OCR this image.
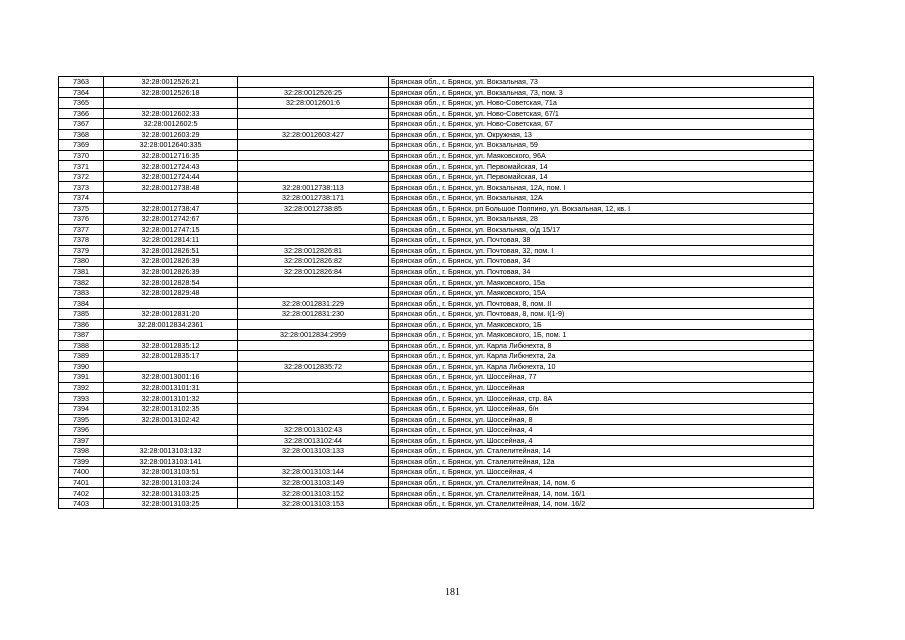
7363	32:28:0012526:21		Брянская обл., г. Брянск, ул. Вокзальная, 73
7364	32:28:0012526:18	32:28:0012526:25	Брянская обл., г. Брянск, ул. Вокзальная, 73, пом. 3
7365		32:28:0012601:6	Брянская обл., г. Брянск, ул. Ново-Советская, 71а
7366	32:28:0012602:33		Брянская обл., г. Брянск, ул. Ново-Советская, 67/1
7367	32:28:0012602:5		Брянская обл., г. Брянск, ул. Ново-Советская, 67
7368	32:28:0012603:29	32:28:0012603:427	Брянская обл., г. Брянск, ул. Окружная, 13
7369	32:28:0012640:335		Брянская обл., г. Брянск, ул. Вокзальная, 59
7370	32:28:0012716:35		Брянская обл., г. Брянск, ул. Маяковского, 96А
7371	32:28:0012724:43		Брянская обл., г. Брянск, ул. Первомайская, 14
7372	32:28:0012724:44		Брянская обл., г. Брянск, ул. Первомайская, 14
7373	32:28:0012738:48	32:28:0012738:113	Брянская обл., г. Брянск, ул. Вокзальная, 12А, пом. I
7374		32:28:0012738:171	Брянская обл., г. Брянск, ул. Вокзальная, 12А
7375	32:28:0012738:47	32:28:0012738:85	Брянская обл., г. Брянск, рп Большое Полпино, ул. Вокзальная, 12, кв. I
7376	32:28:0012742:67		Брянская обл., г. Брянск, ул. Вокзальная, 28
7377	32:28:0012747:15		Брянская обл., г. Брянск, ул. Вокзальная, о/д 15/17
7378	32:28:0012814:11		Брянская обл., г. Брянск, ул. Почтовая, 38
7379	32:28:0012826:51	32:28:0012826:81	Брянская обл., г. Брянск, ул. Почтовая, 32, пом. I
7380	32:28:0012826:39	32:28:0012826:82	Брянская обл., г. Брянск, ул. Почтовая, 34
7381	32:28:0012826:39	32:28:0012826:84	Брянская обл., г. Брянск, ул. Почтовая, 34
7382	32:28:0012828:54		Брянская обл., г. Брянск, ул. Маяковского, 15а
7383	32:28:0012829:48		Брянская обл., г. Брянск, ул. Маяковского, 15А
7384		32:28:0012831:229	Брянская обл., г. Брянск, ул. Почтовая, 8, пом. II
7385	32:28:0012831:20	32:28:0012831:230	Брянская обл., г. Брянск, ул. Почтовая, 8, пом. I(1-9)
7386	32:28:0012834:2361		Брянская обл., г. Брянск, ул. Маяковского, 1Б
7387		32:28:0012834:2959	Брянская обл., г. Брянск, ул. Маяковского, 1Б, пом. 1
7388	32:28:0012835:12		Брянская обл., г. Брянск, ул. Карла Либкнехта, 8
7389	32:28:0012835:17		Брянская обл., г. Брянск, ул. Карла Либкнехта, 2а
7390		32:28:0012835:72	Брянская обл., г. Брянск, ул. Карла Либкнехта, 10
7391	32:28:0013001:16		Брянская обл., г. Брянск, ул. Шоссейная, 77
7392	32:28:0013101:31		Брянская обл., г. Брянск, ул. Шоссейная
7393	32:28:0013101:32		Брянская обл., г. Брянск, ул. Шоссейная, стр. 8А
7394	32:28:0013102:35		Брянская обл., г. Брянск, ул. Шоссейная, б/н
7395	32:28:0013102:42		Брянская обл., г. Брянск, ул. Шоссейная, 8
7396		32:28:0013102:43	Брянская обл., г. Брянск, ул. Шоссейная, 4
7397		32:28:0013102:44	Брянская обл., г. Брянск, ул. Шоссейная, 4
7398	32:28:0013103:132	32:28:0013103:133	Брянская обл., г. Брянск, ул. Сталелитейная, 14
7399	32:28:0013103:141		Брянская обл., г. Брянск, ул. Сталелитейная, 12а
7400	32:28:0013103:51	32:28:0013103:144	Брянская обл., г. Брянск, ул. Шоссейная, 4
7401	32:28:0013103:24	32:28:0013103:149	Брянская обл., г. Брянск, ул. Сталелитейная, 14, пом. 6
7402	32:28:0013103:25	32:28:0013103:152	Брянская обл., г. Брянск, ул. Сталелитейная, 14, пом. 16/1
7403	32:28:0013103:25	32:28:0013103:153	Брянская обл., г. Брянск, ул. Сталелитейная, 14, пом. 16/2
181
